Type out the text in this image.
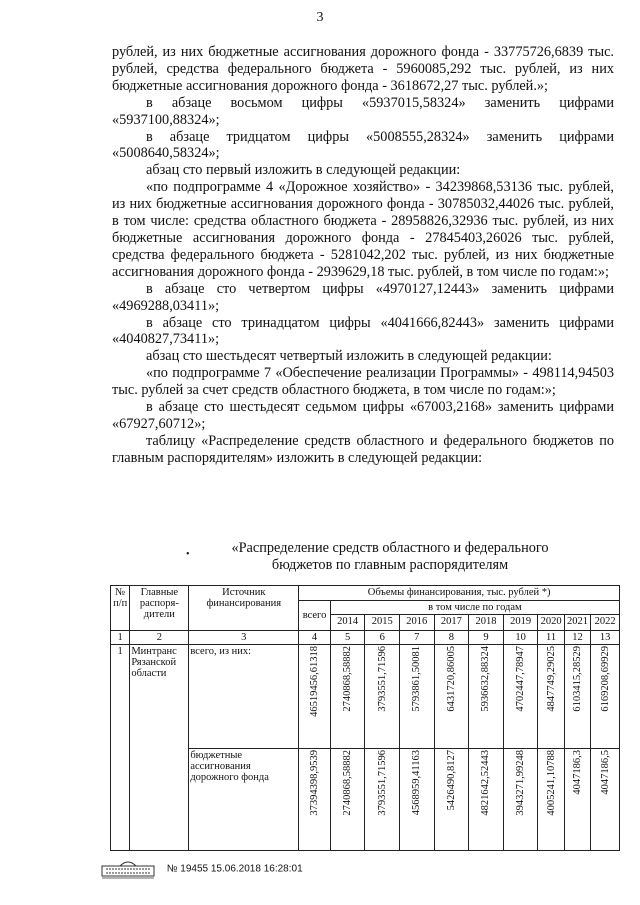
3

рублей, из них бюджетные ассигнования дорожного фонда - 33775726,6839 тыс. рублей, средства федерального бюджета - 5960085,292 тыс. рублей, из них бюджетные ассигнования дорожного фонда - 3618672,27 тыс. рублей.»;

в абзаце восьмом цифры «5937015,58324» заменить цифрами «5937100,88324»;

в абзаце тридцатом цифры «5008555,28324» заменить цифрами «5008640,58324»;

абзац сто первый изложить в следующей редакции:

«по подпрограмме 4 «Дорожное хозяйство» - 34239868,53136 тыс. рублей, из них бюджетные ассигнования дорожного фонда - 30785032,44026 тыс. рублей, в том числе: средства областного бюджета - 28958826,32936 тыс. рублей, из них бюджетные ассигнования дорожного фонда - 27845403,26026 тыс. рублей, средства федерального бюджета - 5281042,202 тыс. рублей, из них бюджетные ассигнования дорожного фонда - 2939629,18 тыс. рублей, в том числе по годам:»;

в абзаце сто четвертом цифры «4970127,12443» заменить цифрами «4969288,03411»;

в абзаце сто тринадцатом цифры «4041666,82443» заменить цифрами «4040827,73411»;

абзац сто шестьдесят четвертый изложить в следующей редакции:

«по подпрограмме 7 «Обеспечение реализации Программы» - 498114,94503 тыс. рублей за счет средств областного бюджета, в том числе по годам:»;

в абзаце сто шестьдесят седьмом цифры «67003,2168» заменить цифрами «67927,60712»;

таблицу «Распределение средств областного и федерального бюджетов по главным распорядителям» изложить в следующей редакции:

•	«Распределение средств областного и федерального
бюджетов по главным распорядителям
№ п/п	Главные распоря-дители	Источник финансирования	Объемы финансирования, тыс. рублей *)									
			всего	в том числе по годам								
				2014	2015	2016	2017	2018	2019	2020	2021	2022
1	2	3	4	5	6	7	8	9	10	11	12	13
1	Минтранс Рязанской области	всего, из них:	46519456,61318	2740868,58882	3793551,71596	5793861,50081	6431720,86005	5936632,88324	4702447,78947	4847749,29025	6103415,28529	6169208,69929
		бюджетные ассигнования дорожного фонда	37394398,9539	2740868,58882	3793551,71596	4568959,41163	5426490,8127	4821642,52443	3943271,99248	4005241,10788	4047186,3	4047186,5
№ 19455 15.06.2018 16:28:01
